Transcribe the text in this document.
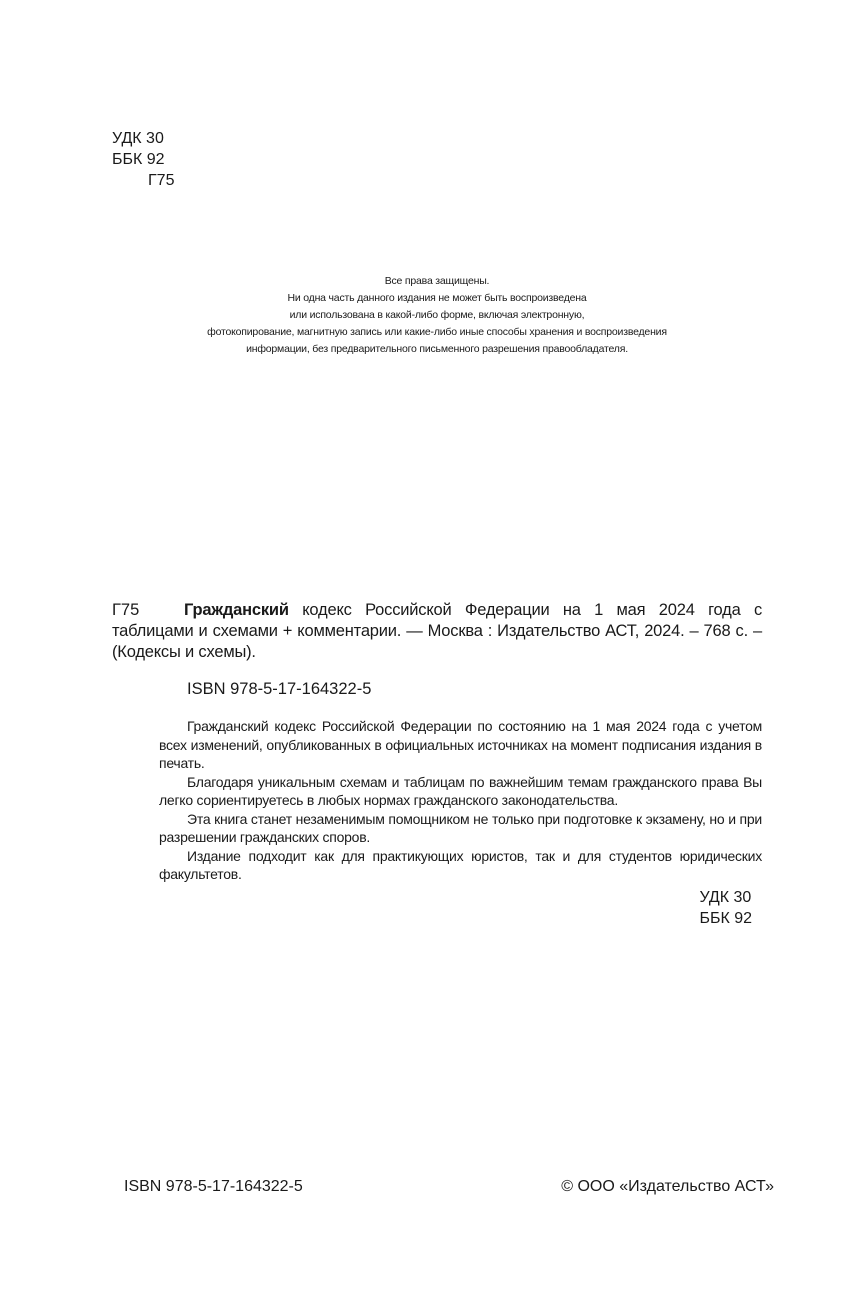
УДК 30
ББК 92
Г75
Все права защищены.
Ни одна часть данного издания не может быть воспроизведена
или использована в какой-либо форме, включая электронную,
фотокопирование, магнитную запись или какие-либо иные способы хранения и воспроизведения
информации, без предварительного письменного разрешения правообладателя.
Г75	Гражданский кодекс Российской Федерации на 1 мая 2024 года с таблицами и схемами + комментарии. — Москва : Издательство АСТ, 2024. – 768 с. – (Кодексы и схемы).

ISBN 978-5-17-164322-5

Гражданский кодекс Российской Федерации по состоянию на 1 мая 2024 года с учетом всех изменений, опубликованных в официальных источниках на момент подписания издания в печать.

Благодаря уникальным схемам и таблицам по важнейшим темам гражданского права Вы легко сориентируетесь в любых нормах гражданского законодательства.

Эта книга станет незаменимым помощником не только при подготовке к экзамену, но и при разрешении гражданских споров.

Издание подходит как для практикующих юристов, так и для студентов юридических факультетов.

УДК 30
ББК 92
ISBN 978-5-17-164322-5	© ООО «Издательство АСТ»
